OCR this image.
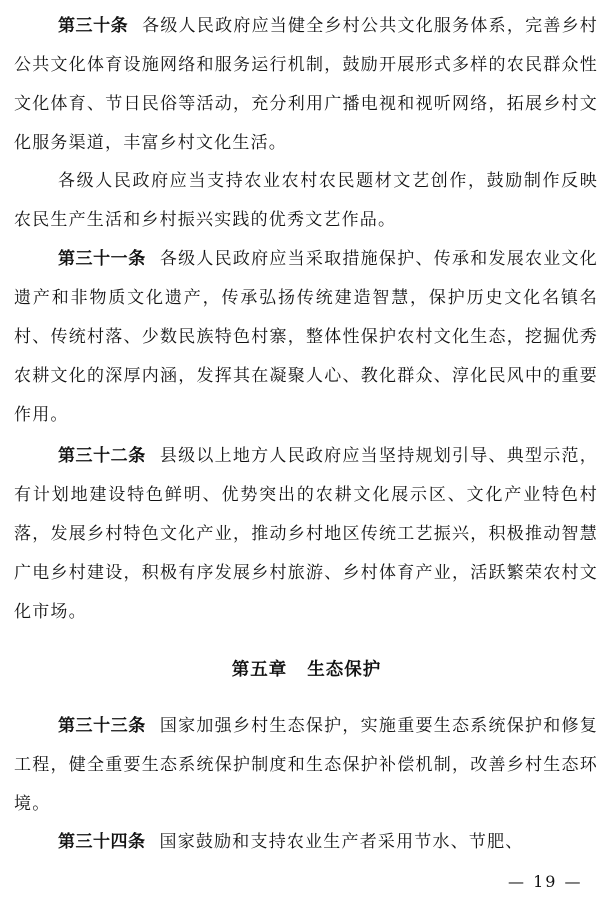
第三十条 各级人民政府应当健全乡村公共文化服务体系，完善乡村公共文化体育设施网络和服务运行机制，鼓励开展形式多样的农民群众性文化体育、节日民俗等活动，充分利用广播电视和视听网络，拓展乡村文化服务渠道，丰富乡村文化生活。

各级人民政府应当支持农业农村农民题材文艺创作，鼓励制作反映农民生产生活和乡村振兴实践的优秀文艺作品。

第三十一条 各级人民政府应当采取措施保护、传承和发展农业文化遗产和非物质文化遗产，传承弘扬传统建造智慧，保护历史文化名镇名村、传统村落、少数民族特色村寨，整体性保护农村文化生态，挖掘优秀农耕文化的深厚内涵，发挥其在凝聚人心、教化群众、淳化民风中的重要作用。

第三十二条 县级以上地方人民政府应当坚持规划引导、典型示范，有计划地建设特色鲜明、优势突出的农耕文化展示区、文化产业特色村落，发展乡村特色文化产业，推动乡村地区传统工艺振兴，积极推动智慧广电乡村建设，积极有序发展乡村旅游、乡村体育产业，活跃繁荣农村文化市场。

第五章 生态保护

第三十三条 国家加强乡村生态保护，实施重要生态系统保护和修复工程，健全重要生态系统保护制度和生态保护补偿机制，改善乡村生态环境。

第三十四条 国家鼓励和支持农业生产者采用节水、节肥、

— 19 —
